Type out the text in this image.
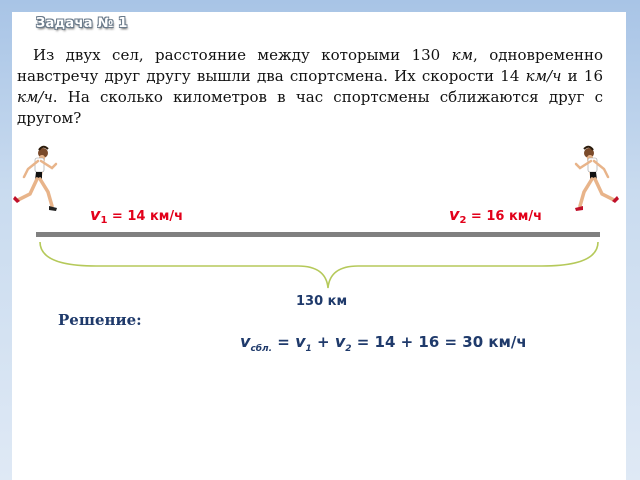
Задача № 1
Из двух сел, расстояние между которыми 130 км, одновременно навстречу друг другу вышли два спортсмена. Их скорости 14 км/ч и 16 км/ч. На сколько километров в час спортсмены сближаются друг с другом?
$v_1 = 14$ км/ч	$v_2 = 16$ км/ч
130 км
Решение:
$v_{сбл.} = v_1 + v_2 = 14 + 16 = 30$ км/ч
